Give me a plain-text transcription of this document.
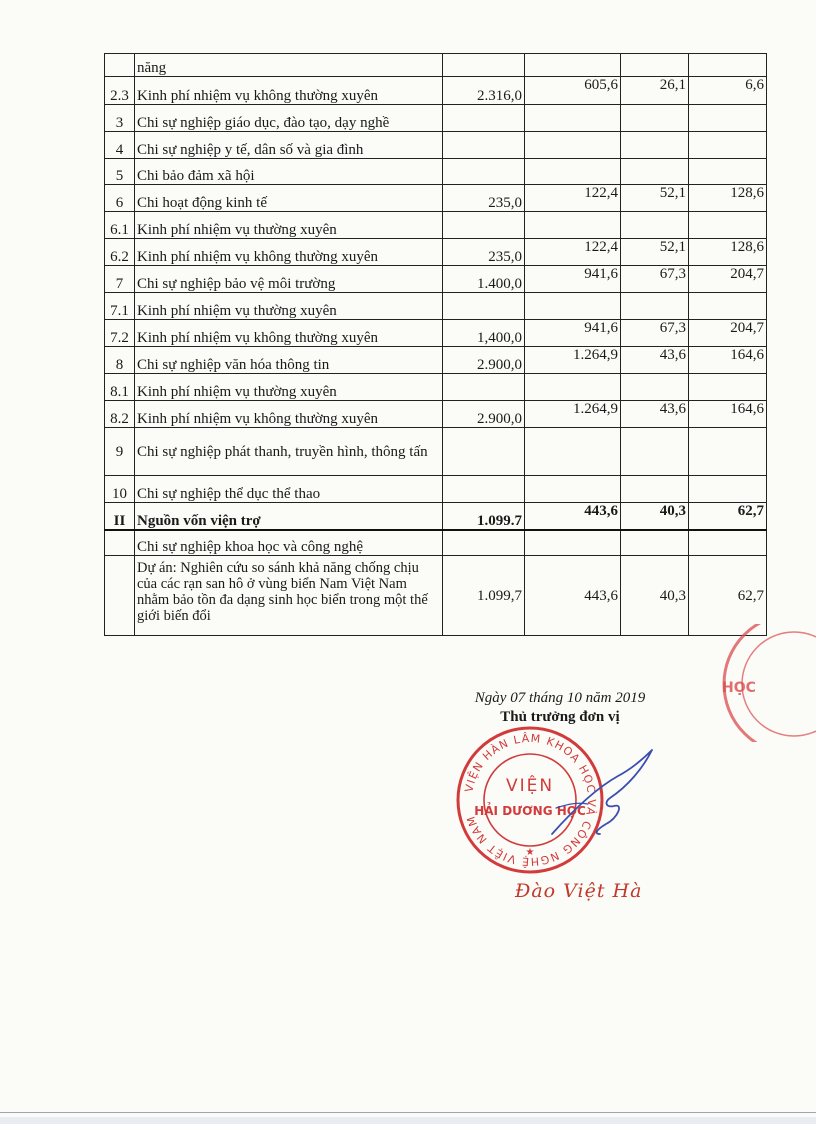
	năng				
2.3	Kinh phí nhiệm vụ không thường xuyên	2.316,0	605,6	26,1	6,6
3	Chi sự nghiệp giáo dục, đào tạo, dạy nghề				
4	Chi sự nghiệp y tế, dân số và gia đình				
5	Chi bảo đảm xã hội				
6	Chi hoạt động kinh tế	235,0	122,4	52,1	128,6
6.1	Kinh phí nhiệm vụ thường xuyên				
6.2	Kinh phí nhiệm vụ không thường xuyên	235,0	122,4	52,1	128,6
7	Chi sự nghiệp bảo vệ môi trường	1.400,0	941,6	67,3	204,7
7.1	Kinh phí nhiệm vụ thường xuyên				
7.2	Kinh phí nhiệm vụ không thường xuyên	1,400,0	941,6	67,3	204,7
8	Chi sự nghiệp văn hóa thông tin	2.900,0	1.264,9	43,6	164,6
8.1	Kinh phí nhiệm vụ thường xuyên				
8.2	Kinh phí nhiệm vụ không thường xuyên	2.900,0	1.264,9	43,6	164,6
9	Chi sự nghiệp phát thanh, truyền hình, thông tấn				
10	Chi sự nghiệp thể dục thể thao				
II	Nguồn vốn viện trợ	1.099.7	443,6	40,3	62,7
	Chi sự nghiệp khoa học và công nghệ				
	Dự án: Nghiên cứu so sánh khả năng chống chịu của các rạn san hô ở vùng biển Nam Việt Nam nhằm bảo tồn đa dạng sinh học biển trong một thế giới biến đổi	1.099,7	443,6	40,3	62,7
HỌC
Ngày 07 tháng 10 năm 2019
Thủ trưởng đơn vị
VIỆN HÀN LÂM KHOA HỌC VÀ CÔNG NGHỆ VIỆT NAM
VIỆN
HẢI DƯƠNG HỌC
★
Đào Việt Hà
